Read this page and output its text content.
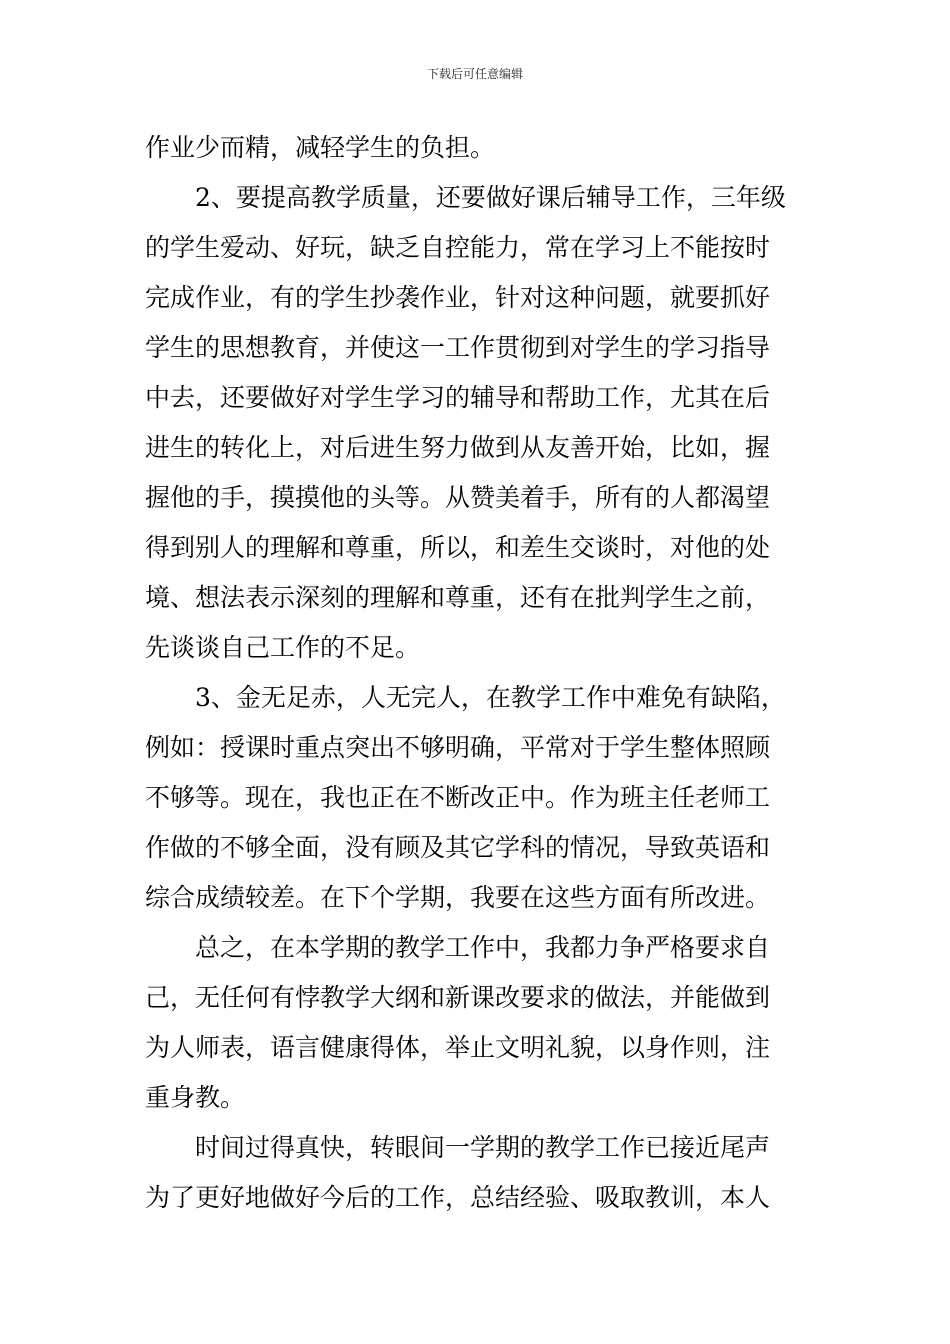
下载后可任意编辑
作业少而精，减轻学生的负担。
2、要提高教学质量，还要做好课后辅导工作，三年级
的学生爱动、好玩，缺乏自控能力，常在学习上不能按时
完成作业，有的学生抄袭作业，针对这种问题，就要抓好
学生的思想教育，并使这一工作贯彻到对学生的学习指导
中去，还要做好对学生学习的辅导和帮助工作，尤其在后
进生的转化上，对后进生努力做到从友善开始，比如，握
握他的手，摸摸他的头等。从赞美着手，所有的人都渴望
得到别人的理解和尊重，所以，和差生交谈时，对他的处
境、想法表示深刻的理解和尊重，还有在批判学生之前，
先谈谈自己工作的不足。
3、金无足赤，人无完人，在教学工作中难免有缺陷，
例如：授课时重点突出不够明确，平常对于学生整体照顾
不够等。现在，我也正在不断改正中。作为班主任老师工
作做的不够全面，没有顾及其它学科的情况，导致英语和
综合成绩较差。在下个学期，我要在这些方面有所改进。
总之，在本学期的教学工作中，我都力争严格要求自
己，无任何有悖教学大纲和新课改要求的做法，并能做到
为人师表，语言健康得体，举止文明礼貌，以身作则，注
重身教。
时间过得真快，转眼间一学期的教学工作已接近尾声
为了更好地做好今后的工作，总结经验、吸取教训，本人
